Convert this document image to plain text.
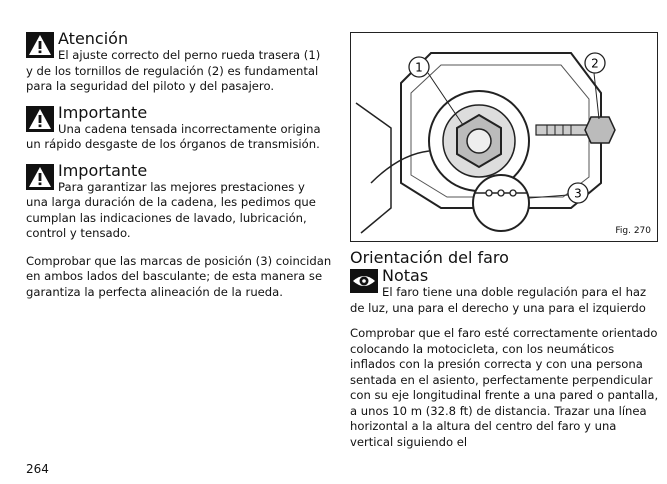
Atención
El ajuste correcto del perno rueda trasera (1)
y de los tornillos de regulación (2) es fundamental para la seguridad del piloto y del pasajero.
Importante
Una cadena tensada incorrectamente origina
un rápido desgaste de los órganos de transmisión.
Importante
Para garantizar las mejores prestaciones y
una larga duración de la cadena, les pedimos que cumplan las indicaciones de lavado, lubricación, control y tensado.
Comprobar que las marcas de posición (3) coincidan en ambos lados del basculante; de esta manera se garantiza la perfecta alineación de la rueda.
1	2
3
Fig. 270
Orientación del faro
Notas
El faro tiene una doble regulación para el haz
de luz, una para el derecho y una para el izquierdo
Comprobar que el faro esté correctamente orientado colocando la motocicleta, con los neumáticos inflados con la presión correcta y con una persona sentada en el asiento, perfectamente perpendicular con su eje longitudinal frente a una pared o pantalla, a unos 10 m (32.8 ft) de distancia. Trazar una línea horizontal a la altura del centro del faro y una vertical siguiendo el
264
